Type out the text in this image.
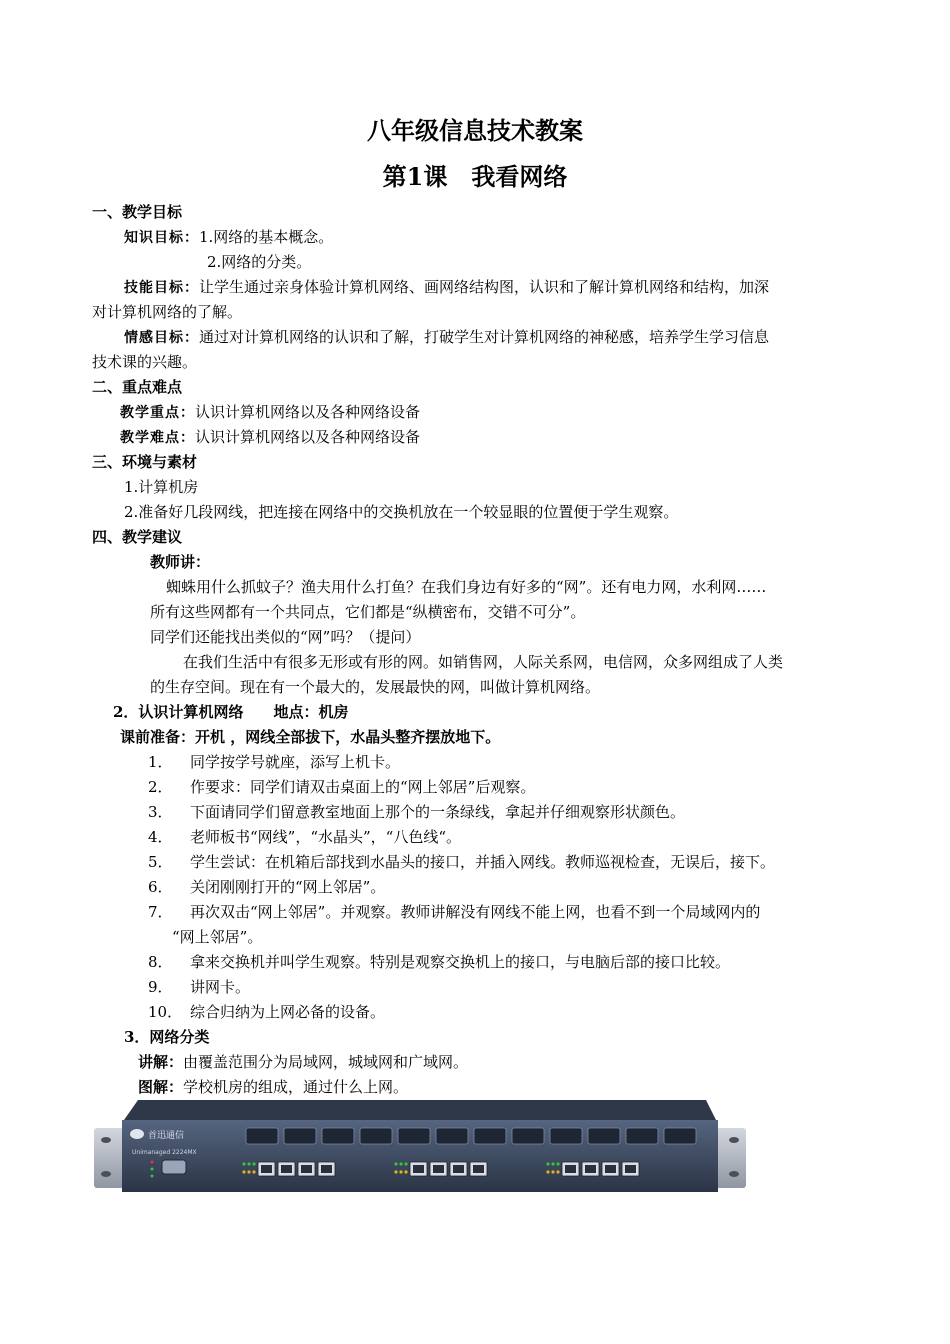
八年级信息技术教案
第1课　我看网络
一、教学目标
知识目标：1.网络的基本概念。
2.网络的分类。
技能目标：让学生通过亲身体验计算机网络、画网络结构图，认识和了解计算机网络和结构，加深
对计算机网络的了解。
情感目标：通过对计算机网络的认识和了解，打破学生对计算机网络的神秘感，培养学生学习信息
技术课的兴趣。
二、重点难点
教学重点：认识计算机网络以及各种网络设备
教学难点：认识计算机网络以及各种网络设备
三、环境与素材
1.计算机房
2.准备好几段网线，把连接在网络中的交换机放在一个较显眼的位置便于学生观察。
四、教学建议
教师讲：
蜘蛛用什么抓蚊子？渔夫用什么打鱼？在我们身边有好多的“网”。还有电力网，水利网……
所有这些网都有一个共同点，它们都是“纵横密布，交错不可分”。
同学们还能找出类似的“网”吗？（提问）
在我们生活中有很多无形或有形的网。如销售网，人际关系网，电信网，众多网组成了人类
的生存空间。现在有一个最大的，发展最快的网，叫做计算机网络。
2．认识计算机网络　　地点：机房
课前准备：开机 ，网线全部拔下，水晶头整齐摆放地下。
1． 同学按学号就座，添写上机卡。
2． 作要求：同学们请双击桌面上的“网上邻居”后观察。
3． 下面请同学们留意教室地面上那个的一条绿线，拿起并仔细观察形状颜色。
4． 老师板书“网线”，“水晶头”，“八色线“。
5． 学生尝试：在机箱后部找到水晶头的接口，并插入网线。教师巡视检查，无误后，接下。
6． 关闭刚刚打开的“网上邻居”。
7． 再次双击“网上邻居”。并观察。教师讲解没有网线不能上网，也看不到一个局域网内的
“网上邻居”。
8． 拿来交换机并叫学生观察。特别是观察交换机上的接口，与电脑后部的接口比较。
9． 讲网卡。
10． 综合归纳为上网必备的设备。
3．网络分类
讲解：由覆盖范围分为局域网，城域网和广域网。
图解：学校机房的组成，通过什么上网。
首迅通信
Unimanaged 2224MX
